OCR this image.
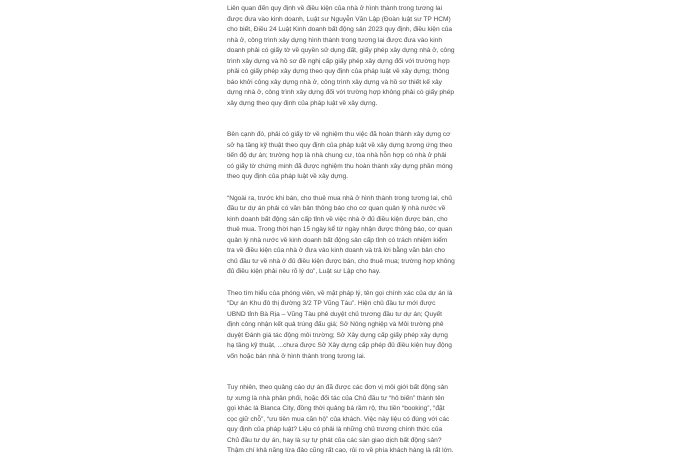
Liên quan đến quy định về điều kiện của nhà ở hình thành trong tương lai được đưa vào kinh doanh, Luật sư Nguyễn Văn Lập (Đoàn luật sư TP HCM) cho biết, Điều 24 Luật Kinh doanh bất động sản 2023 quy định, điều kiện của nhà ở, công trình xây dựng hình thành trong tương lai được đưa vào kinh doanh phải có giấy tờ về quyền sử dụng đất, giấy phép xây dựng nhà ở, công trình xây dựng và hồ sơ đề nghị cấp giấy phép xây dựng đối với trường hợp phải có giấy phép xây dựng theo quy định của pháp luật về xây dựng; thông báo khởi công xây dựng nhà ở, công trình xây dựng và hồ sơ thiết kế xây dựng nhà ở, công trình xây dựng đối với trường hợp không phải có giấy phép xây dựng theo quy định của pháp luật về xây dựng.

Bên cạnh đó, phải có giấy tờ về nghiệm thu việc đã hoàn thành xây dựng cơ sở hạ tầng kỹ thuật theo quy định của pháp luật về xây dựng tương ứng theo tiến độ dự án; trường hợp là nhà chung cư, tòa nhà hỗn hợp có nhà ở phải có giấy tờ chứng minh đã được nghiệm thu hoàn thành xây dựng phần móng theo quy định của pháp luật về xây dựng.

“Ngoài ra, trước khi bán, cho thuê mua nhà ở hình thành trong tương lai, chủ đầu tư dự án phải có văn bản thông báo cho cơ quan quản lý nhà nước về kinh doanh bất động sản cấp tỉnh về việc nhà ở đủ điều kiện được bán, cho thuê mua. Trong thời hạn 15 ngày kể từ ngày nhận được thông báo, cơ quan quản lý nhà nước về kinh doanh bất động sản cấp tỉnh có trách nhiệm kiểm tra về điều kiện của nhà ở đưa vào kinh doanh và trả lời bằng văn bản cho chủ đầu tư về nhà ở đủ điều kiện được bán, cho thuê mua; trường hợp không đủ điều kiện phải nêu rõ lý do”, Luật sư Lập cho hay.

Theo tìm hiểu của phóng viên, về mặt pháp lý, tên gọi chính xác của dự án là “Dự án Khu đô thị đường 3/2 TP Vũng Tàu”. Hiện chủ đầu tư mới được UBND tỉnh Bà Rịa – Vũng Tàu phê duyệt chủ trương đầu tư dự án; Quyết định công nhận kết quả trúng đấu giá; Sở Nông nghiệp và Môi trường phê duyệt Đánh giá tác động môi trường; Sở Xây dựng cấp giấy phép xây dựng hạ tầng kỹ thuật, ...chưa được Sở Xây dựng cấp phép đủ điều kiện huy động vốn hoặc bán nhà ở hình thành trong tương lai.

Tuy nhiên, theo quảng cáo dự án đã được các đơn vị môi giới bất động sản tự xưng là nhà phân phối, hoặc đối tác của Chủ đầu tư “hô biến” thành tên gọi khác là Blanca City, đồng thời quảng bá rầm rộ, thu tiền “booking”, “đặt cọc giữ chỗ”, “ưu tiên mua căn hộ” của khách. Việc này liệu có đúng với các quy định của pháp luật? Liệu có phải là những chủ trương chính thức của Chủ đầu tư dự án, hay là sự tự phát của các sàn giao dịch bất động sản? Thậm chí khả năng lừa đảo cũng rất cao, rủi ro về phía khách hàng là rất lớn.
